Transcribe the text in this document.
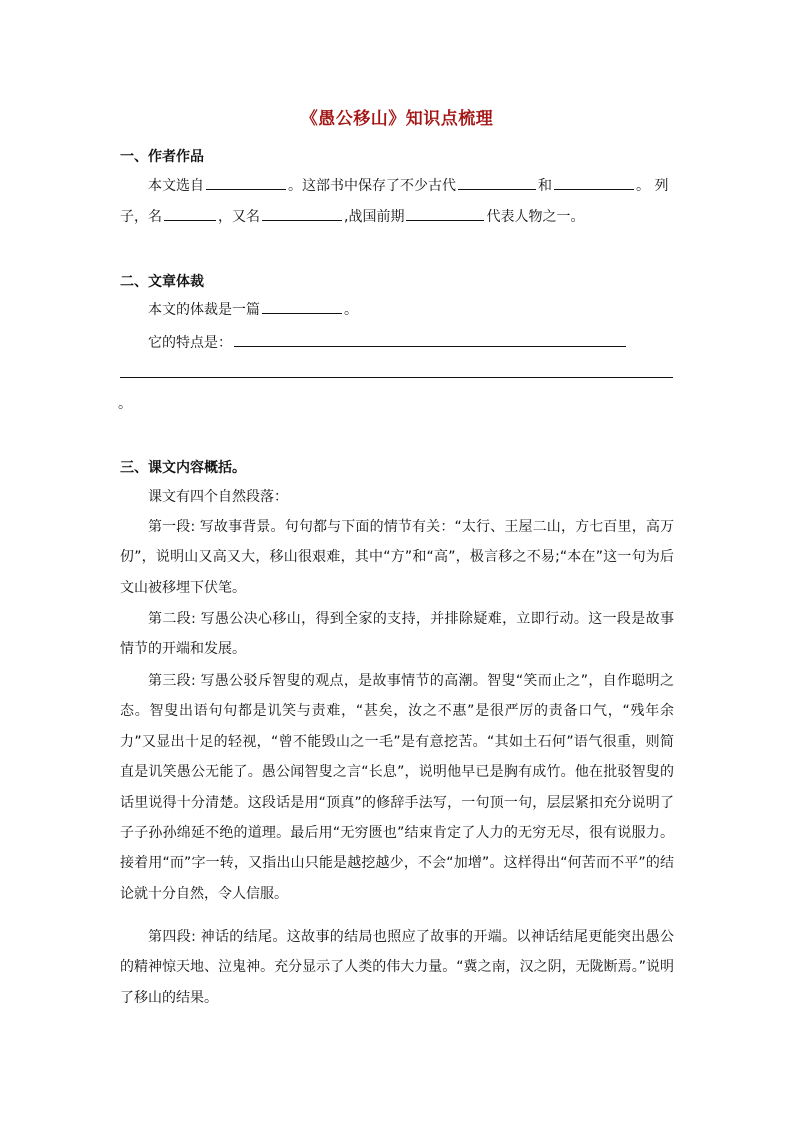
《愚公移山》知识点梳理
一、作者作品
本文选自	。这部书中保存了不少古代	和	。 列
子，名	，又名	,战国前期	代表人物之一。
二、文章体裁
本文的体裁是一篇	。
它的特点是：
。
三、课文内容概括。
课文有四个自然段落：
第一段: 写故事背景。句句都与下面的情节有关：“太行、王屋二山，方七百里，高万仞”，说明山又高又大，移山很艰难，其中“方”和“高”，极言移之不易;“本在”这一句为后文山被移埋下伏笔。
第二段: 写愚公决心移山，得到全家的支持，并排除疑难，立即行动。这一段是故事情节的开端和发展。
第三段: 写愚公驳斥智叟的观点，是故事情节的高潮。智叟“笑而止之”，自作聪明之态。智叟出语句句都是讥笑与责难，“甚矣，汝之不惠”是很严厉的责备口气，“残年余力”又显出十足的轻视，“曾不能毁山之一毛”是有意挖苦。“其如土石何”语气很重，则简直是讥笑愚公无能了。愚公闻智叟之言“长息”，说明他早已是胸有成竹。他在批驳智叟的话里说得十分清楚。这段话是用“顶真”的修辞手法写，一句顶一句，层层紧扣充分说明了子子孙孙绵延不绝的道理。最后用“无穷匮也”结束肯定了人力的无穷无尽，很有说服力。接着用“而”字一转，又指出山只能是越挖越少，不会“加增”。这样得出“何苦而不平”的结论就十分自然，令人信服。
第四段: 神话的结尾。这故事的结局也照应了故事的开端。以神话结尾更能突出愚公的精神惊天地、泣鬼神。充分显示了人类的伟大力量。“冀之南，汉之阴，无陇断焉。”说明了移山的结果。
